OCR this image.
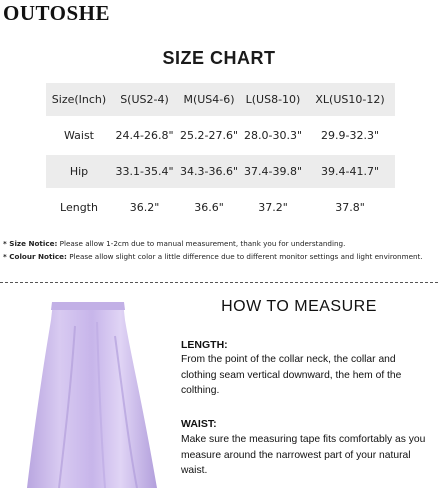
OUTOSHE
SIZE CHART
Size(Inch)	S(US2-4)	M(US4-6)	L(US8-10)	XL(US10-12)
Waist	24.4-26.8"	25.2-27.6"	28.0-30.3"	29.9-32.3"
Hip	33.1-35.4"	34.3-36.6"	37.4-39.8"	39.4-41.7"
Length	36.2"	36.6"	37.2"	37.8"
* Size Notice: Please allow 1-2cm due to manual measurement, thank you for understanding.
* Colour Notice: Please allow slight color a little difference due to different monitor settings and light environment.
HOW TO MEASURE
LENGTH:
From the point of the collar neck, the collar and clothing seam vertical downward, the hem of the colthing.
WAIST:
Make sure the measuring tape fits comfortably as you measure around the narrowest part of your natural waist.
